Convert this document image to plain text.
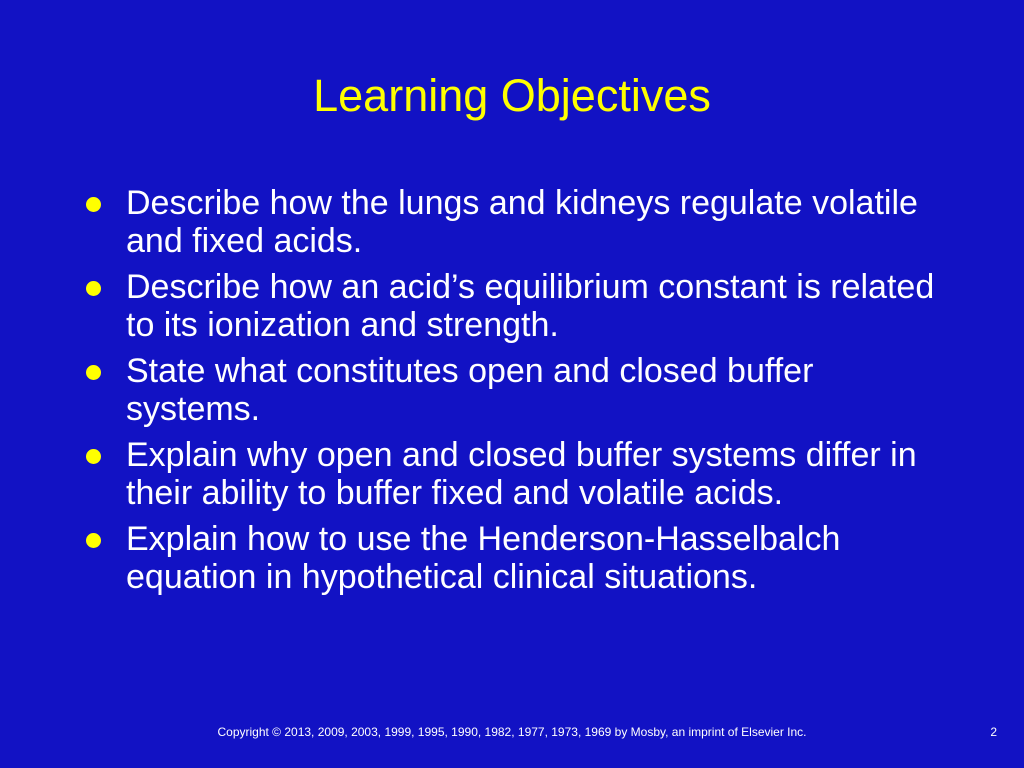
Learning Objectives
Describe how the lungs and kidneys regulate volatile and fixed acids.
Describe how an acid’s equilibrium constant is related to its ionization and strength.
State what constitutes open and closed buffer systems.
Explain why open and closed buffer systems differ in their ability to buffer fixed and volatile acids.
Explain how to use the Henderson-Hasselbalch equation in hypothetical clinical situations.
Copyright © 2013, 2009, 2003, 1999, 1995, 1990, 1982, 1977, 1973, 1969 by Mosby, an imprint of Elsevier Inc.	2
